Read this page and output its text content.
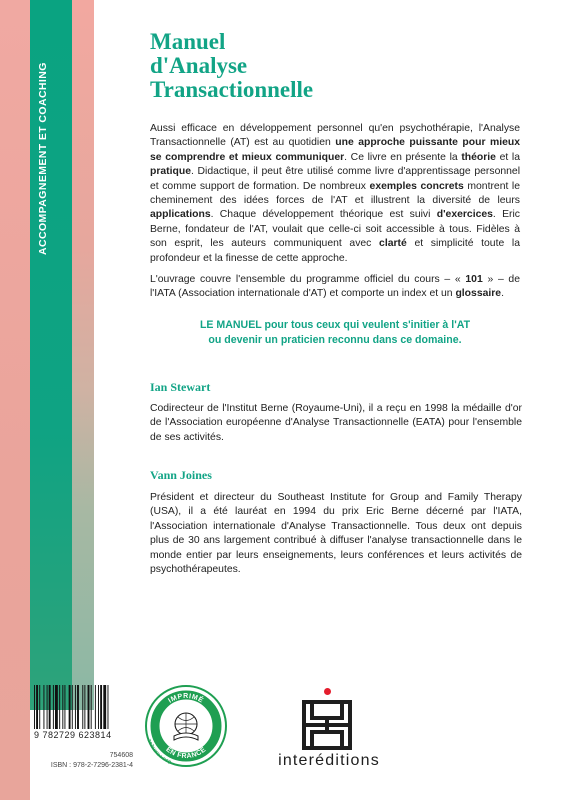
ACCOMPAGNEMENT ET COACHING
Manuel
d'Analyse
Transactionnelle

Aussi efficace en développement personnel qu'en psychothérapie, l'Analyse Transactionnelle (AT) est au quotidien une approche puissante pour mieux se comprendre et mieux communiquer. Ce livre en présente la théorie et la pratique. Didactique, il peut être utilisé comme livre d'apprentissage personnel et comme support de formation. De nombreux exemples concrets montrent le cheminement des idées forces de l'AT et illustrent la diversité de leurs applications. Chaque développement théorique est suivi d'exercices. Eric Berne, fondateur de l'AT, voulait que celle-ci soit accessible à tous. Fidèles à son esprit, les auteurs communiquent avec clarté et simplicité toute la profondeur et la finesse de cette approche.

L'ouvrage couvre l'ensemble du programme officiel du cours – « 101 » – de l'IATA (Association internationale d'AT) et comporte un index et un glossaire.

LE MANUEL pour tous ceux qui veulent s'initier à l'AT
ou devenir un praticien reconnu dans ce domaine.
Ian Stewart

Codirecteur de l'Institut Berne (Royaume-Uni), il a reçu en 1998 la médaille d'or de l'Association européenne d'Analyse Transactionnelle (EATA) pour l'ensemble de ses activités.

Vann Joines

Président et directeur du Southeast Institute for Group and Family Therapy (USA), il a été lauréat en 1994 du prix Eric Berne décerné par l'IATA, l'Association internationale d'Analyse Transactionnelle. Tous deux ont depuis plus de 30 ans largement contribué à diffuser l'analyse transactionnelle dans le monde entier par leurs enseignements, leurs conférences et leurs activités de psychothérapeutes.

9 782729 623814
754608
ISBN : 978-2-7296-2381-4
IMPRIMÉ
EN FRANCE
ÉCO-PRATIQUE
interéditions
